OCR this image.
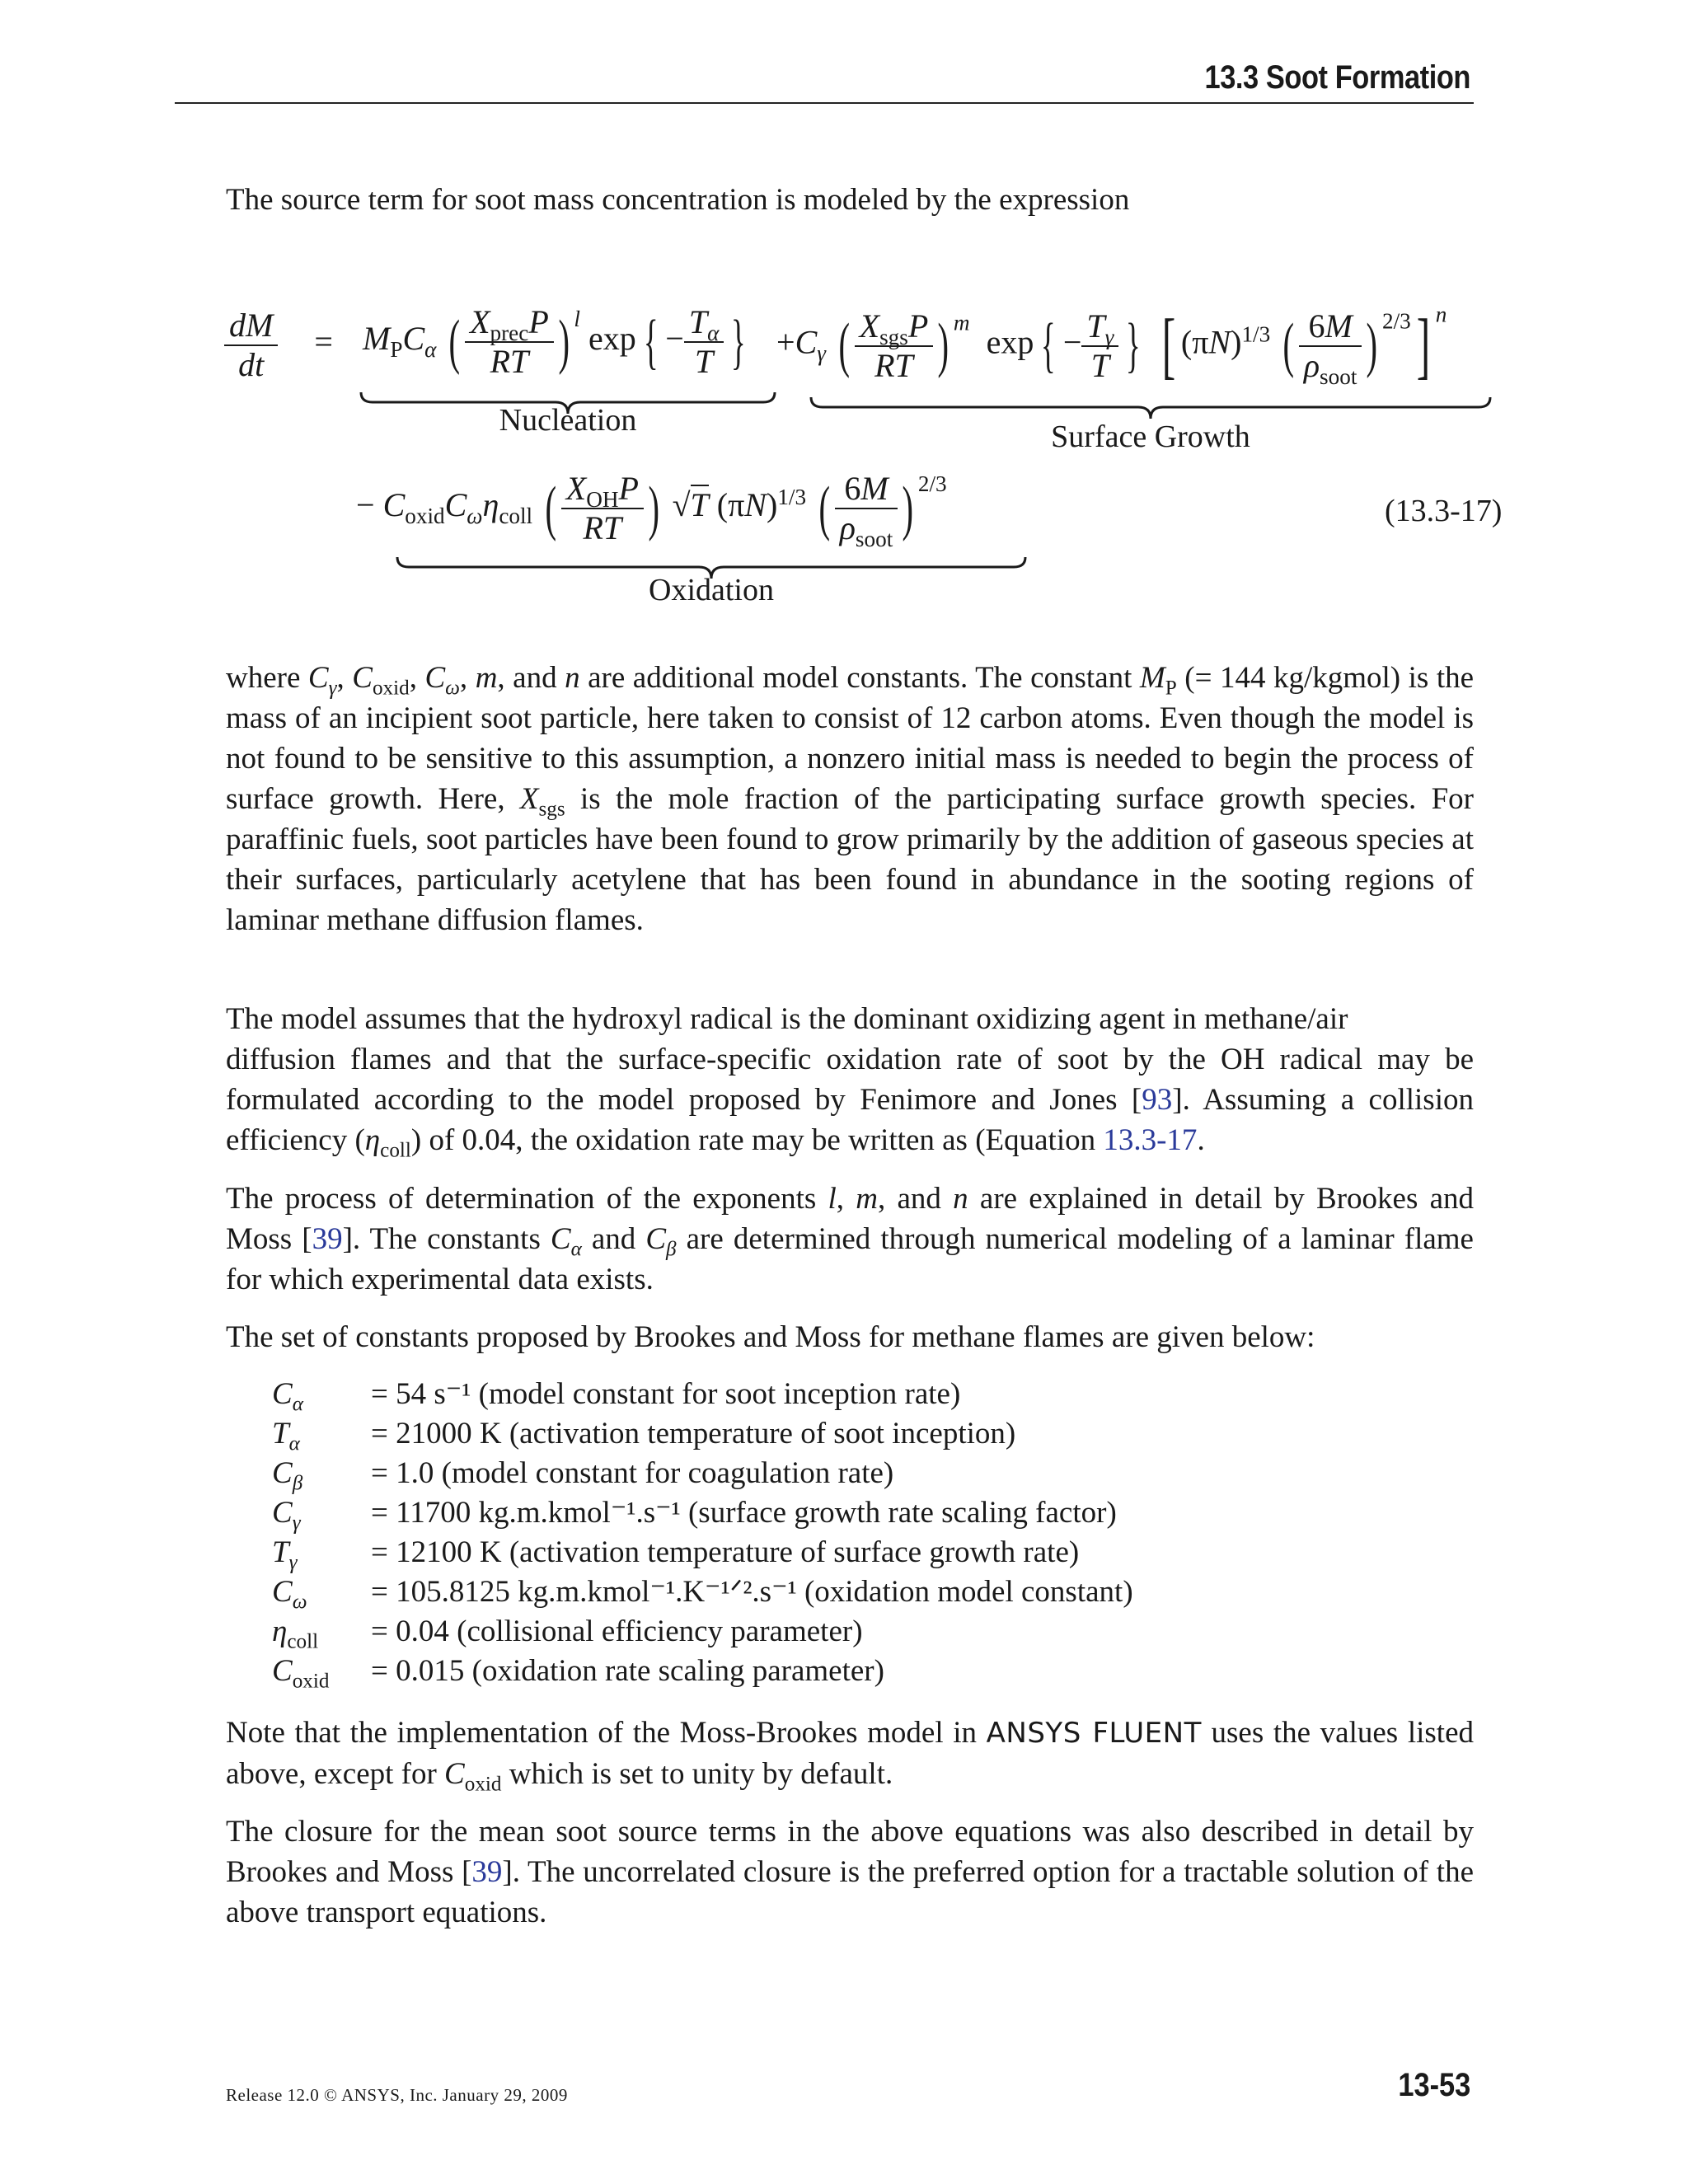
13.3 Soot Formation
The source term for soot mass concentration is modeled by the expression
$\frac{dM}{dt} = M_PC_\alpha$ ( $\frac{X_{prec}P}{RT}$ ) $^l$ exp { − $\frac{T_\alpha}{T}$ } $+C_\gamma$ ( $\frac{X_{sgs}P}{RT}$ ) $^m$  exp { − $\frac{T_\gamma}{T}$ } [ $(\pi N)^{1/3}$ ( $\frac{6M}{\rho_{soot}}$ ) $^{2/3}$] $^n$
Nucleation	Surface Growth
− $C_{oxid}C_\omega\eta_{coll}$ ( $\frac{X_{OH}P}{RT}$ ) √T $(\pi N)^{1/3}$ ( $\frac{6M}{\rho_{soot}}$ ) $^{2/3}$
(13.3-17)
Oxidation
where $C_\gamma$, $C_{oxid}$, $C_\omega$, m, and n are additional model constants. The constant $M_P$ (= 144 kg/kgmol) is the mass of an incipient soot particle, here taken to consist of 12 carbon atoms. Even though the model is not found to be sensitive to this assumption, a nonzero initial mass is needed to begin the process of surface growth. Here, $X_{sgs}$ is the mole fraction of the participating surface growth species. For paraffinic fuels, soot particles have been found to grow primarily by the addition of gaseous species at their surfaces, particularly acetylene that has been found in abundance in the sooting regions of laminar methane diffusion flames.
The model assumes that the hydroxyl radical is the dominant oxidizing agent in methane/air
diffusion flames and that the surface-specific oxidation rate of soot by the OH radical may be formulated according to the model proposed by Fenimore and Jones [93]. Assuming a collision efficiency $(\eta_{coll})$ of 0.04, the oxidation rate may be written as (Equation 13.3-17.
The process of determination of the exponents l, m, and n are explained in detail by Brookes and Moss [39]. The constants $C_\alpha$ and $C_\beta$ are determined through numerical modeling of a laminar flame for which experimental data exists.
The set of constants proposed by Brookes and Moss for methane flames are given below:
$C_\alpha = 54$ s⁻¹ (model constant for soot inception rate)
$T_\alpha = 21000$ K (activation temperature of soot inception)
$C_\beta = 1.0$ (model constant for coagulation rate)
$C_\gamma = 11700$ kg.m.kmol⁻¹.s⁻¹ (surface growth rate scaling factor)
$T_\gamma = 12100$ K (activation temperature of surface growth rate)
$C_\omega = 105.8125$ kg.m.kmol⁻¹.K⁻¹ᐟ².s⁻¹ (oxidation model constant)
$\eta_{coll} = 0.04$ (collisional efficiency parameter)
$C_{oxid} = 0.015$ (oxidation rate scaling parameter)
Note that the implementation of the Moss-Brookes model in ANSYS FLUENT uses the values listed above, except for $C_{oxid}$ which is set to unity by default.
The closure for the mean soot source terms in the above equations was also described in detail by Brookes and Moss [39]. The uncorrelated closure is the preferred option for a tractable solution of the above transport equations.
Release 12.0 © ANSYS, Inc. January 29, 2009	13-53
